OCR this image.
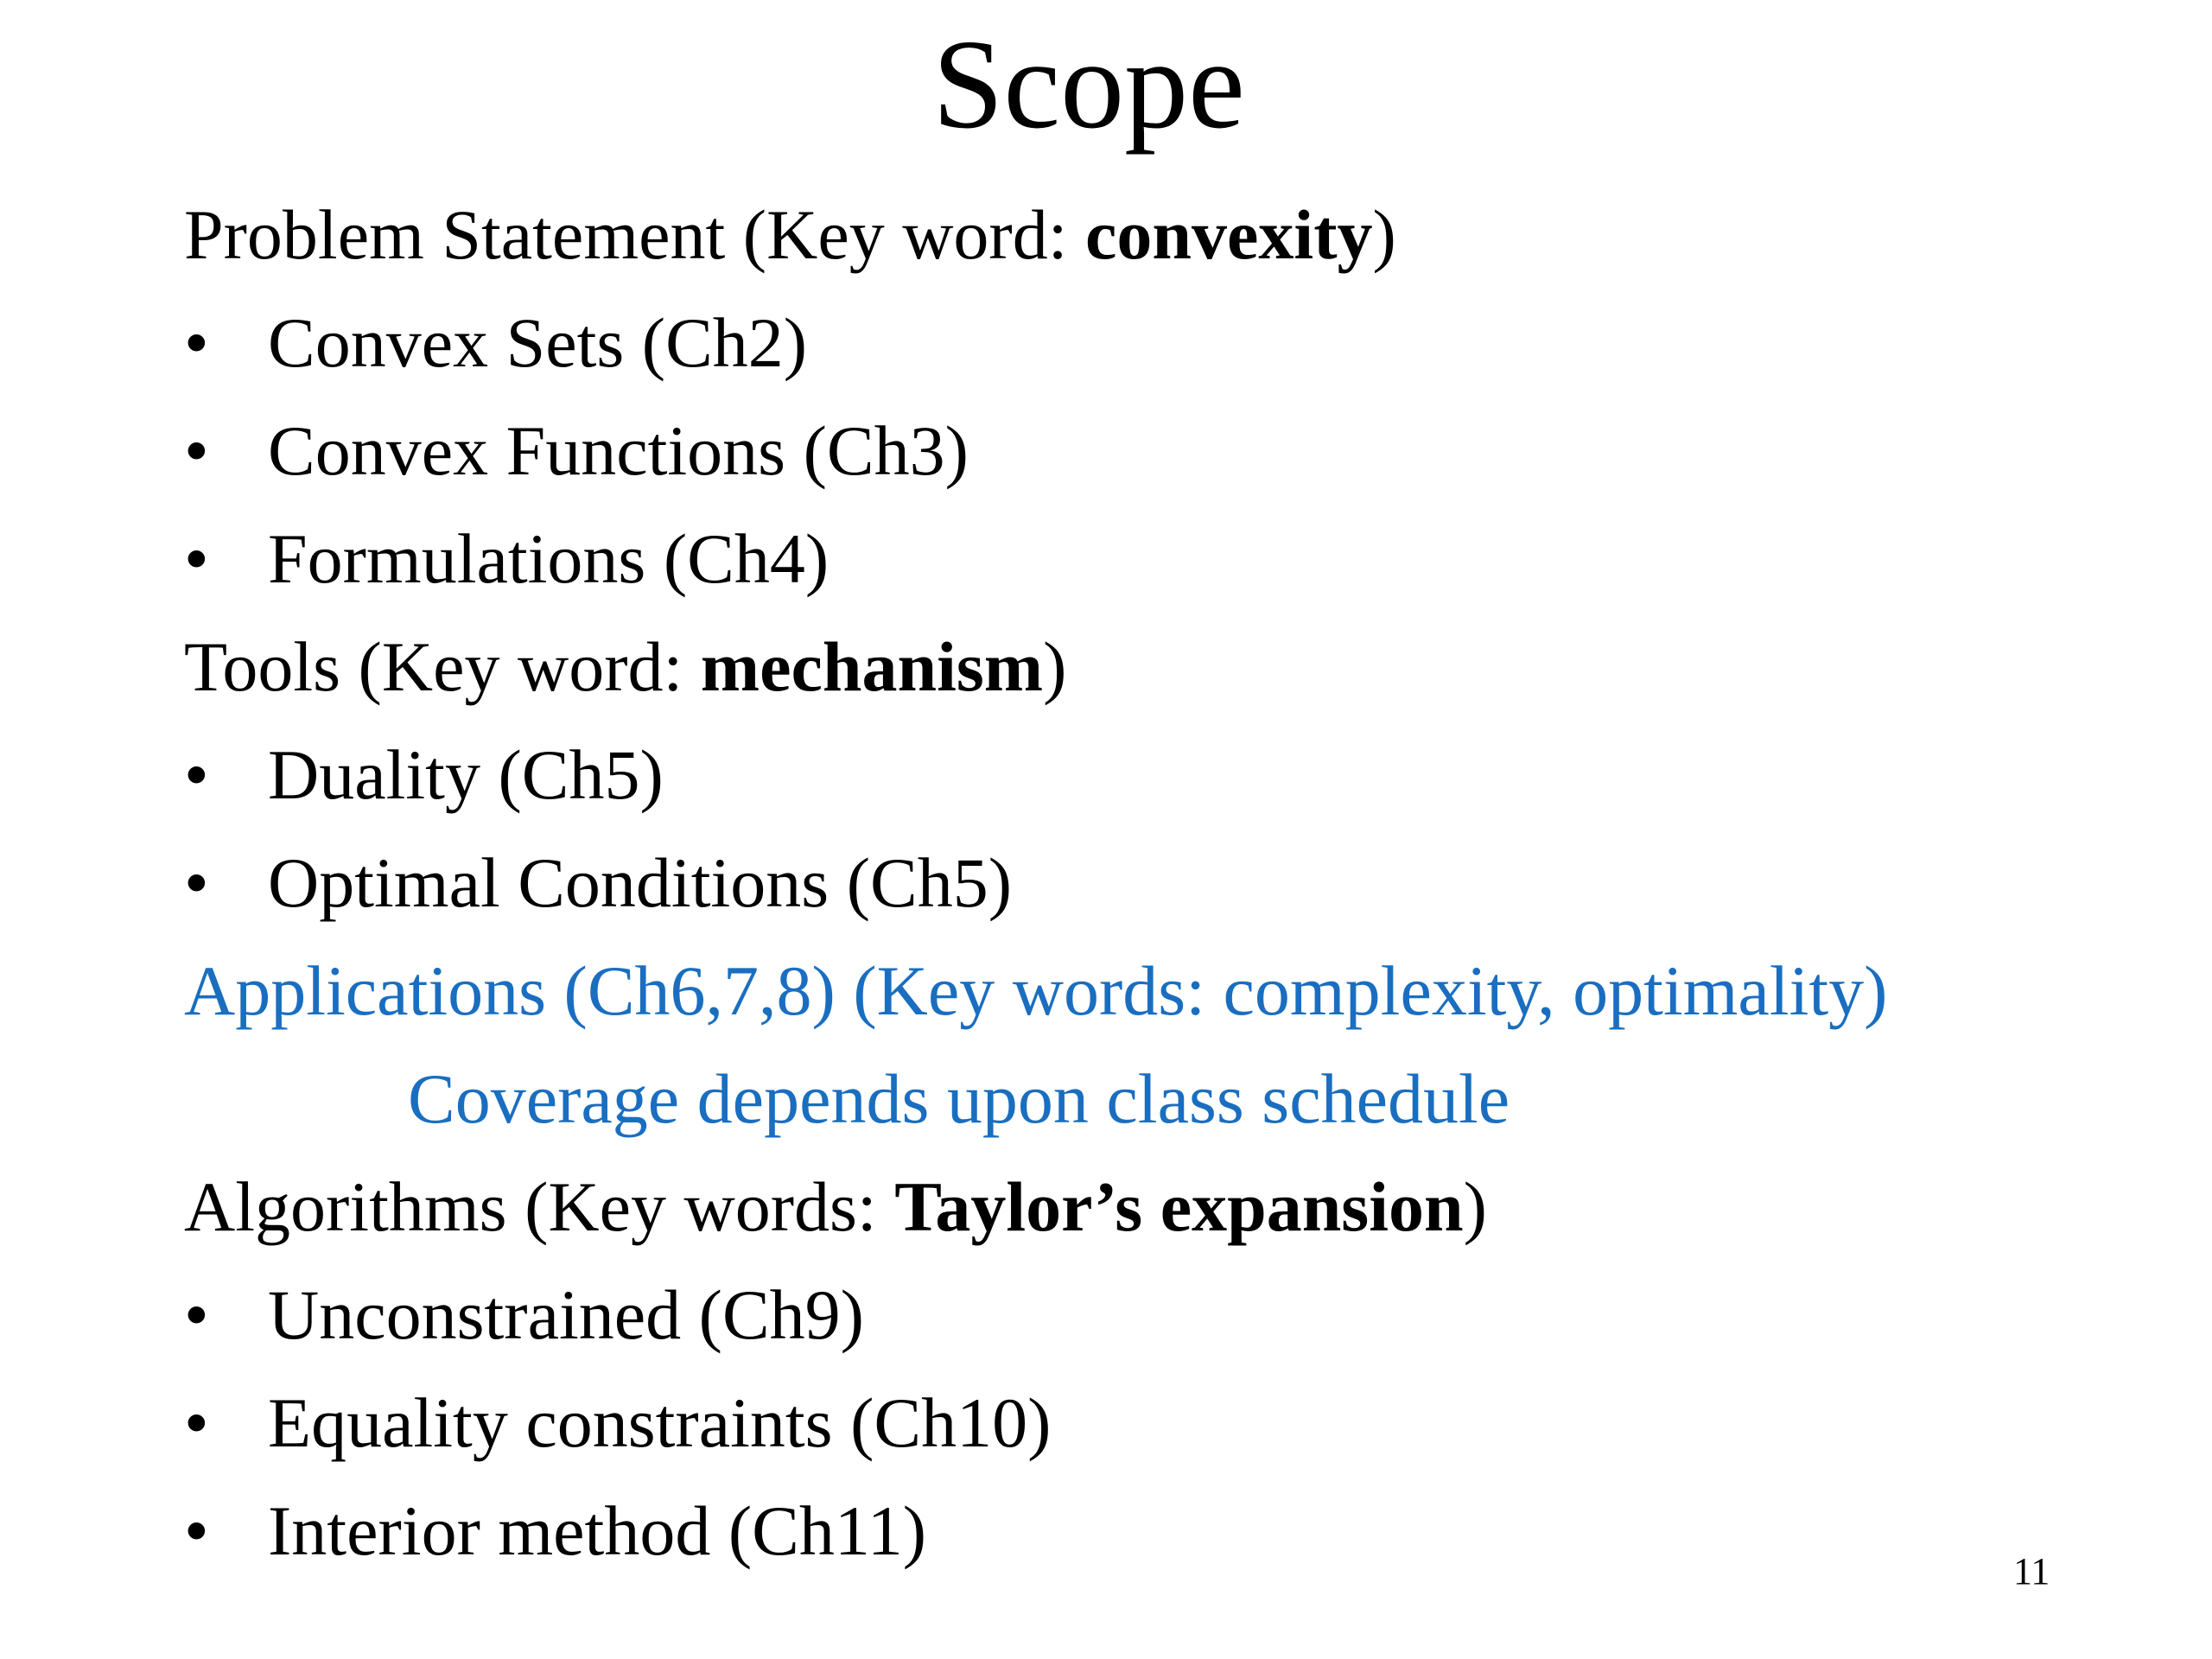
Scope
Problem Statement (Key word: convexity)
• Convex Sets (Ch2)
• Convex Functions (Ch3)
• Formulations (Ch4)
Tools (Key word: mechanism)
• Duality (Ch5)
• Optimal Conditions (Ch5)
Applications (Ch6,7,8) (Key words: complexity, optimality)
Coverage depends upon class schedule
Algorithms (Key words: Taylor’s expansion)
• Unconstrained (Ch9)
• Equality constraints (Ch10)
• Interior method (Ch11)
11
